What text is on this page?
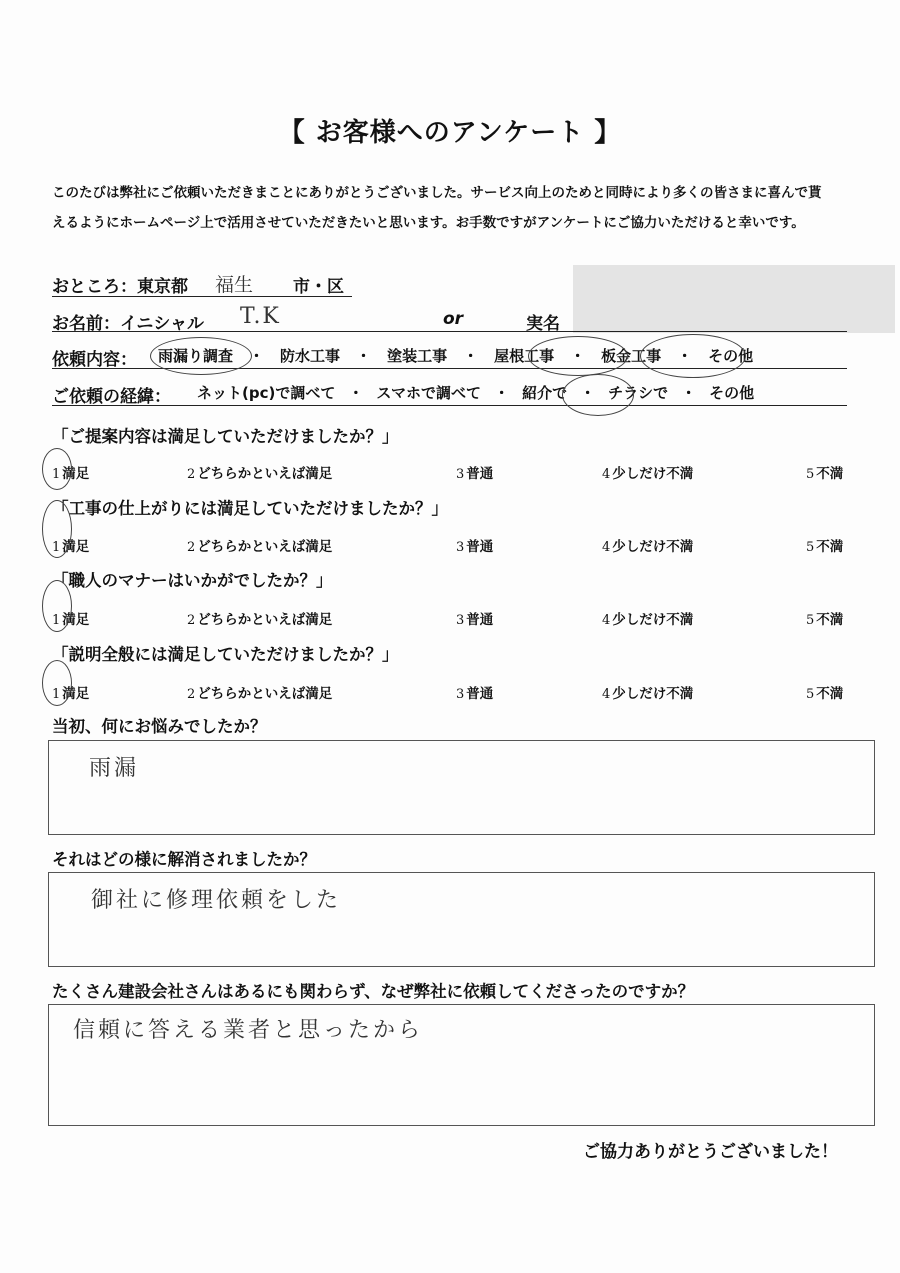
【 お客様へのアンケート 】
このたびは弊社にご依頼いただきまことにありがとうございました。サービス向上のためと同時により多くの皆さまに喜んで貰
えるようにホームページ上で活用させていただきたいと思います。お手数ですがアンケートにご協力いただけると幸いです。
おところ：東京都 福生 市・区
お名前：イニシャル T.K	or	実名
依頼内容： 雨漏り調査 ・ 防水工事 ・ 塗装工事 ・ 屋根工事 ・ 板金工事 ・ その他
ご依頼の経緯： ネット(pc)で調べて ・ スマホで調べて ・ 紹介で ・ チラシで ・ その他
「ご提案内容は満足していただけましたか？」
1 満足	2 どちらかといえば満足	3 普通	4 少しだけ不満	5 不満
「工事の仕上がりには満足していただけましたか？」
1 満足	2 どちらかといえば満足	3 普通	4 少しだけ不満	5 不満
「職人のマナーはいかがでしたか？」
1 満足	2 どちらかといえば満足	3 普通	4 少しだけ不満	5 不満
「説明全般には満足していただけましたか？」
1 満足	2 どちらかといえば満足	3 普通	4 少しだけ不満	5 不満
当初、何にお悩みでしたか？
雨漏
それはどの様に解消されましたか？
御社に修理依頼をした
たくさん建設会社さんはあるにも関わらず、なぜ弊社に依頼してくださったのですか？
信頼に答える業者と思ったから
ご協力ありがとうございました！
